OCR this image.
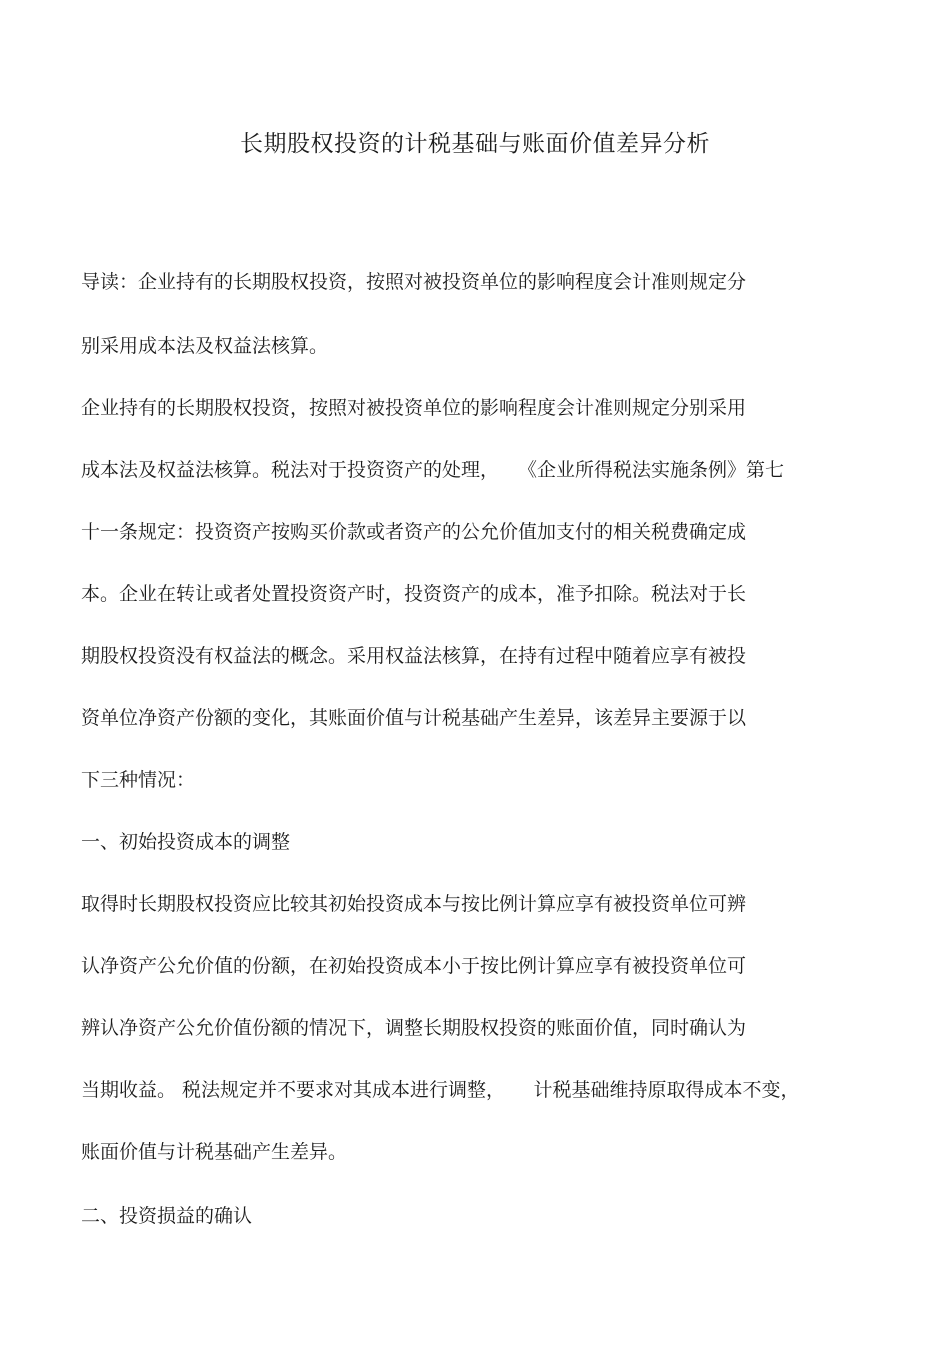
长期股权投资的计税基础与账面价值差异分析

导读：企业持有的长期股权投资，按照对被投资单位的影响程度会计准则规定分

别采用成本法及权益法核算。

企业持有的长期股权投资，按照对被投资单位的影响程度会计准则规定分别采用

成本法及权益法核算。税法对于投资资产的处理，　　《企业所得税法实施条例》第七

十一条规定：投资资产按购买价款或者资产的公允价值加支付的相关税费确定成

本。企业在转让或者处置投资资产时，投资资产的成本，准予扣除。税法对于长

期股权投资没有权益法的概念。采用权益法核算，在持有过程中随着应享有被投

资单位净资产份额的变化，其账面价值与计税基础产生差异，该差异主要源于以

下三种情况：

一、初始投资成本的调整

取得时长期股权投资应比较其初始投资成本与按比例计算应享有被投资单位可辨

认净资产公允价值的份额，在初始投资成本小于按比例计算应享有被投资单位可

辨认净资产公允价值份额的情况下，调整长期股权投资的账面价值，同时确认为

当期收益。 税法规定并不要求对其成本进行调整，　　计税基础维持原取得成本不变，

账面价值与计税基础产生差异。

二、投资损益的确认
